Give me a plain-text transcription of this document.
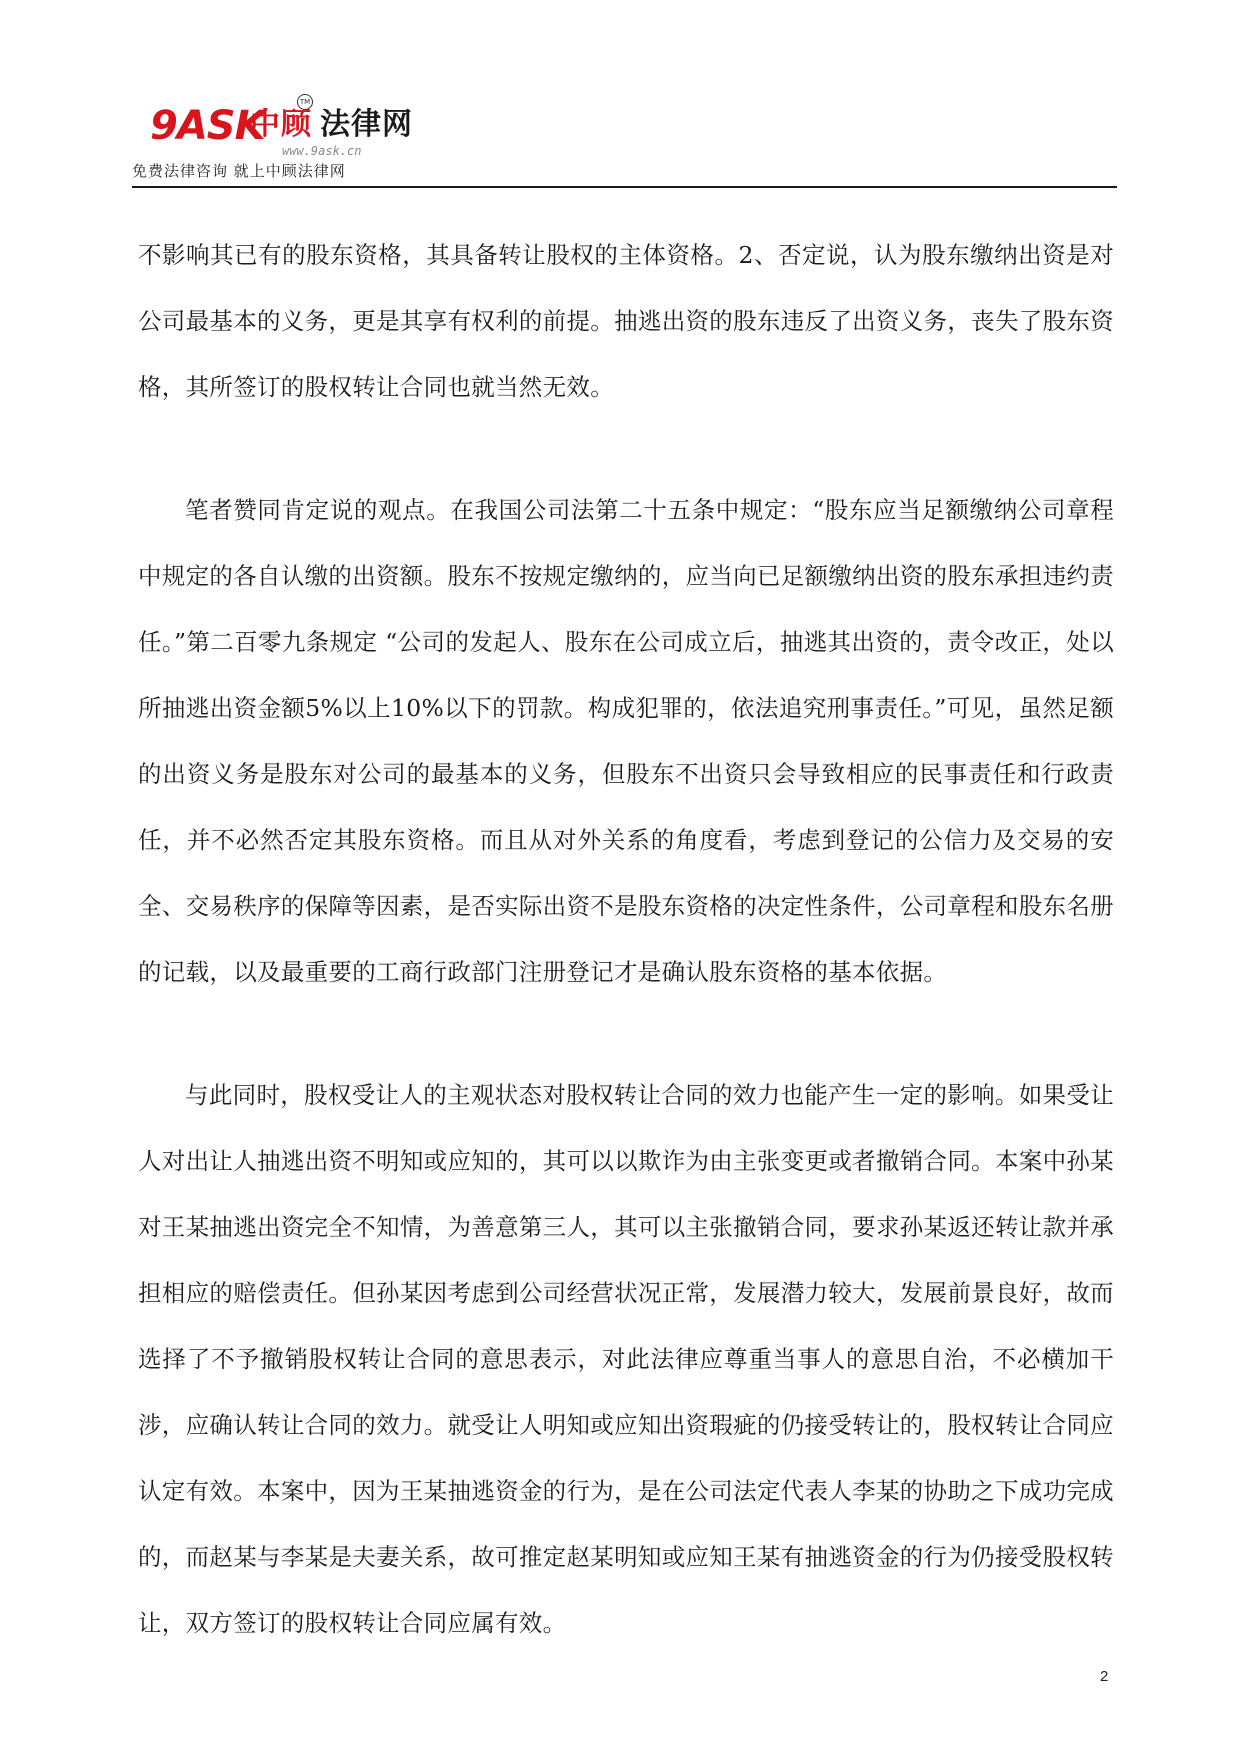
9ASK
TM
中顾 法律网
www.9ask.cn
免费法律咨询 就上中顾法律网

不影响其已有的股东资格，其具备转让股权的主体资格。2、否定说，认为股东缴纳出资是对公司最基本的义务，更是其享有权利的前提。抽逃出资的股东违反了出资义务，丧失了股东资格，其所签订的股权转让合同也就当然无效。

笔者赞同肯定说的观点。在我国公司法第二十五条中规定：“股东应当足额缴纳公司章程中规定的各自认缴的出资额。股东不按规定缴纳的，应当向已足额缴纳出资的股东承担违约责任。”第二百零九条规定 “公司的发起人、股东在公司成立后，抽逃其出资的，责令改正，处以所抽逃出资金额5%以上10%以下的罚款。构成犯罪的，依法追究刑事责任。”可见，虽然足额的出资义务是股东对公司的最基本的义务，但股东不出资只会导致相应的民事责任和行政责任，并不必然否定其股东资格。而且从对外关系的角度看，考虑到登记的公信力及交易的安全、交易秩序的保障等因素，是否实际出资不是股东资格的决定性条件，公司章程和股东名册的记载，以及最重要的工商行政部门注册登记才是确认股东资格的基本依据。

与此同时，股权受让人的主观状态对股权转让合同的效力也能产生一定的影响。如果受让人对出让人抽逃出资不明知或应知的，其可以以欺诈为由主张变更或者撤销合同。本案中孙某对王某抽逃出资完全不知情，为善意第三人，其可以主张撤销合同，要求孙某返还转让款并承担相应的赔偿责任。但孙某因考虑到公司经营状况正常，发展潜力较大，发展前景良好，故而选择了不予撤销股权转让合同的意思表示，对此法律应尊重当事人的意思自治，不必横加干涉，应确认转让合同的效力。就受让人明知或应知出资瑕疵的仍接受转让的，股权转让合同应认定有效。本案中，因为王某抽逃资金的行为，是在公司法定代表人李某的协助之下成功完成的，而赵某与李某是夫妻关系，故可推定赵某明知或应知王某有抽逃资金的行为仍接受股权转让，双方签订的股权转让合同应属有效。

2
